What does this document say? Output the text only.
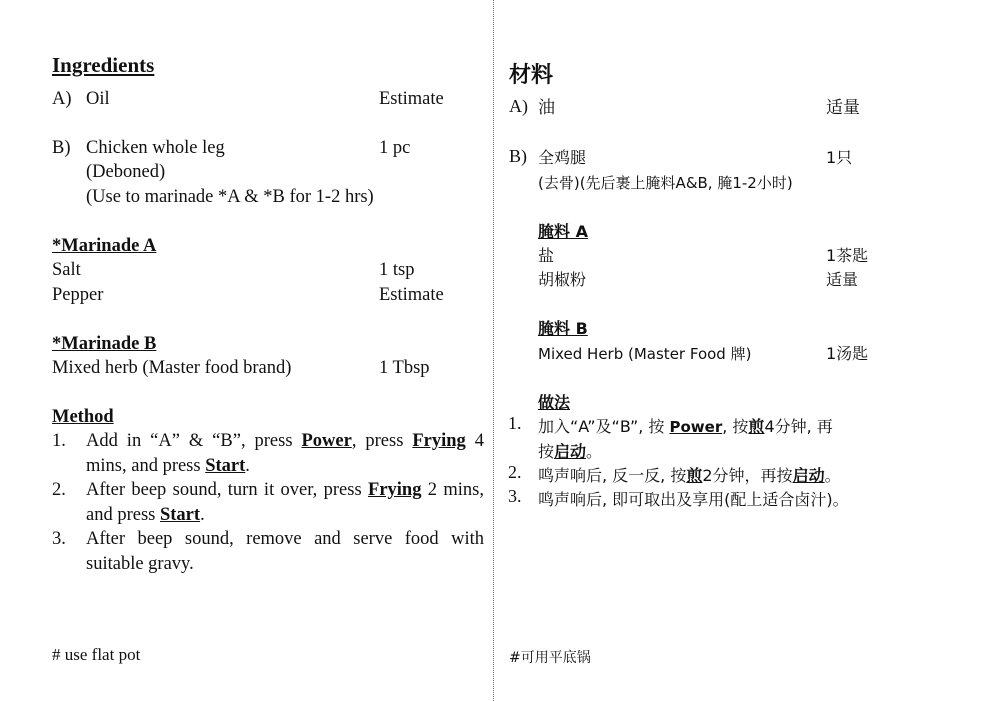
Ingredients
A) Oil	Estimate
B) Chicken whole leg	1 pc
(Deboned)
(Use to marinade *A & *B for 1-2 hrs)
*Marinade A
Salt	1 tsp
Pepper	Estimate
*Marinade B
Mixed herb (Master food brand)	1 Tbsp
Method
1. Add in “A” & “B”, press Power, press Frying 4 mins, and press Start.
2. After beep sound, turn it over, press Frying 2 mins, and press Start.
3. After beep sound, remove and serve food with suitable gravy.
# use flat pot
材料
A) 油	适量
B) 全鸡腿	1只
(去骨)(先后裹上腌料A&B, 腌1-2小时)
腌料 A
盐	1茶匙
胡椒粉	适量
腌料 B
Mixed Herb (Master Food 牌)	1汤匙
做法
1. 加入“A”及“B”, 按 Power, 按煎4分钟, 再
按启动。
2. 鸣声响后, 反一反, 按煎2分钟，再按启动。
3. 鸣声响后, 即可取出及享用(配上适合卤汁)。
#可用平底锅
